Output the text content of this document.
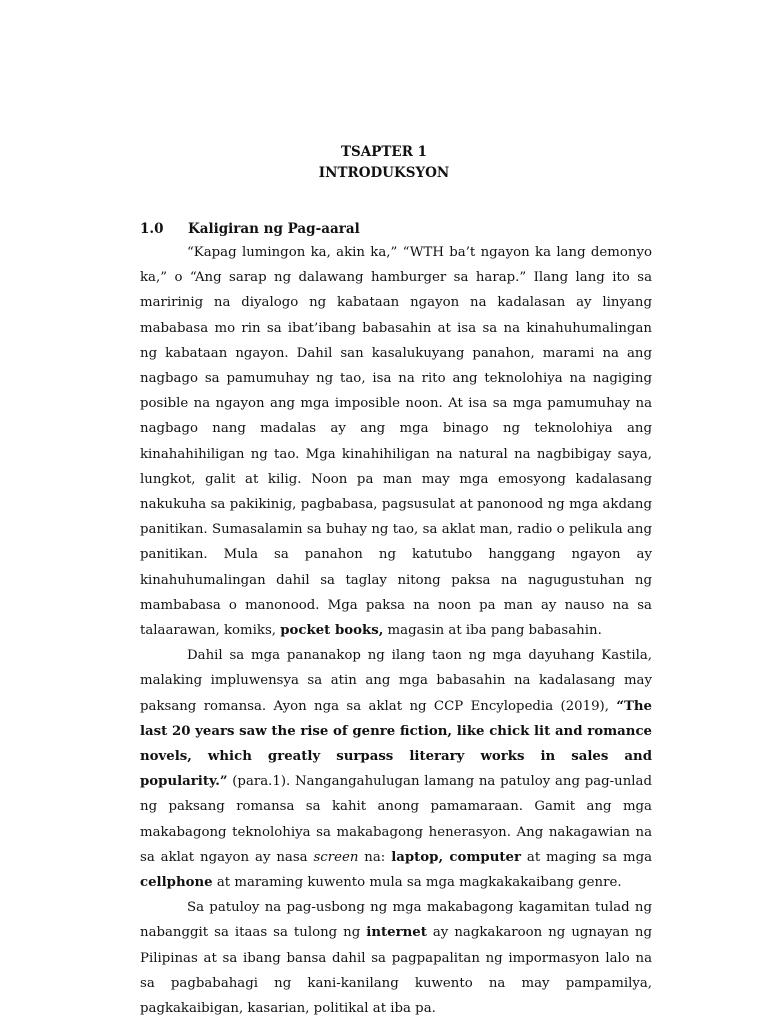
TSAPTER 1
INTRODUKSYON
1.0 Kaligiran ng Pag-aaral

“Kapag lumingon ka, akin ka,” “WTH ba’t ngayon ka lang demonyo ka,” o “Ang sarap ng dalawang hamburger sa harap.” Ilang lang ito sa maririnig na diyalogo ng kabataan ngayon na kadalasan ay linyang mababasa mo rin sa ibat’ibang babasahin at isa sa na kinahuhumalingan ng kabataan ngayon. Dahil san kasalukuyang panahon, marami na ang nagbago sa pamumuhay ng tao, isa na rito ang teknolohiya na nagiging posible na ngayon ang mga imposible noon. At isa sa mga pamumuhay na nagbago nang madalas ay ang mga binago ng teknolohiya ang kinahahihiligan ng tao. Mga kinahihiligan na natural na nagbibigay saya, lungkot, galit at kilig. Noon pa man may mga emosyong kadalasang nakukuha sa pakikinig, pagbabasa, pagsusulat at panonood ng mga akdang panitikan. Sumasalamin sa buhay ng tao, sa aklat man, radio o pelikula ang panitikan. Mula sa panahon ng katutubo hanggang ngayon ay kinahuhumalingan dahil sa taglay nitong paksa na nagugustuhan ng mambabasa o manonood. Mga paksa na noon pa man ay nauso na sa talaarawan, komiks, pocket books, magasin at iba pang babasahin.

Dahil sa mga pananakop ng ilang taon ng mga dayuhang Kastila, malaking impluwensya sa atin ang mga babasahin na kadalasang may paksang romansa. Ayon nga sa aklat ng CCP Encylopedia (2019), “The last 20 years saw the rise of genre fiction, like chick lit and romance novels, which greatly surpass literary works in sales and popularity.” (para.1). Nangangahulugan lamang na patuloy ang pag-unlad ng paksang romansa sa kahit anong pamamaraan. Gamit ang mga makabagong teknolohiya sa makabagong henerasyon. Ang nakagawian na sa aklat ngayon ay nasa screen na: laptop, computer at maging sa mga cellphone at maraming kuwento mula sa mga magkakakaibang genre.

Sa patuloy na pag-usbong ng mga makabagong kagamitan tulad ng nabanggit sa itaas sa tulong ng internet ay nagkakaroon ng ugnayan ng Pilipinas at sa ibang bansa dahil sa pagpapalitan ng impormasyon lalo na sa pagbabahagi ng kani-kanilang kuwento na may pampamilya, pagkakaibigan, kasarian, politikal at iba pa.
